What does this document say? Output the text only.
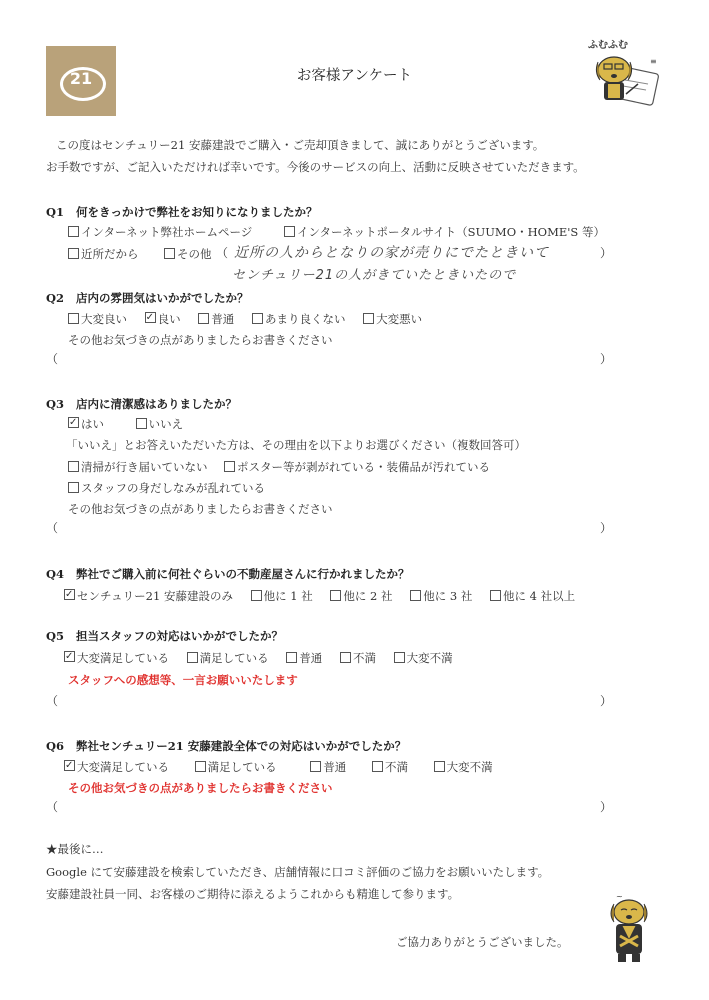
21	お客様アンケート
ふむふむ
≡
この度はセンチュリー21 安藤建設でご購入・ご売却頂きまして、誠にありがとうございます。
お手数ですが、ご記入いただければ幸いです。今後のサービスの向上、活動に反映させていただきます。
Q1 何をきっかけで弊社をお知りになりましたか？
インターネット弊社ホームページ	インターネットポータルサイト（SUUMO・HOME'S 等）
近所だから	その他 （ 近所の人からとなりの家が売りにでたときいて	）
センチュリー21の人がきていたときいたので
Q2 店内の雰囲気はいかがでしたか？
大変良い ✓	良い	普通	あまり良くない	大変悪い
その他お気づきの点がありましたらお書きください
（	）
Q3 店内に清潔感はありましたか？
✓はい	いいえ
「いいえ」とお答えいただいた方は、その理由を以下よりお選びください（複数回答可）
清掃が行き届いていない	ポスター等が剥がれている・装備品が汚れている
スタッフの身だしなみが乱れている
その他お気づきの点がありましたらお書きください
（	）
Q4 弊社でご購入前に何社ぐらいの不動産屋さんに行かれましたか？
✓センチュリー21 安藤建設のみ	他に 1 社	他に 2 社	他に 3 社	他に 4 社以上
Q5 担当スタッフの対応はいかがでしたか？
✓大変満足している	満足している	普通	不満	大変不満
スタッフへの感想等、一言お願いいたします
（	）
Q6 弊社センチュリー21 安藤建設全体での対応はいかがでしたか？
✓大変満足している	満足している	普通	不満	大変不満
その他お気づきの点がありましたらお書きください
（	）
★最後に…
Google にて安藤建設を検索していただき、店舗情報に口コミ評価のご協力をお願いいたします。
安藤建設社員一同、お客様のご期待に添えるようこれからも精進して参ります。
ご協力ありがとうございました。
~
